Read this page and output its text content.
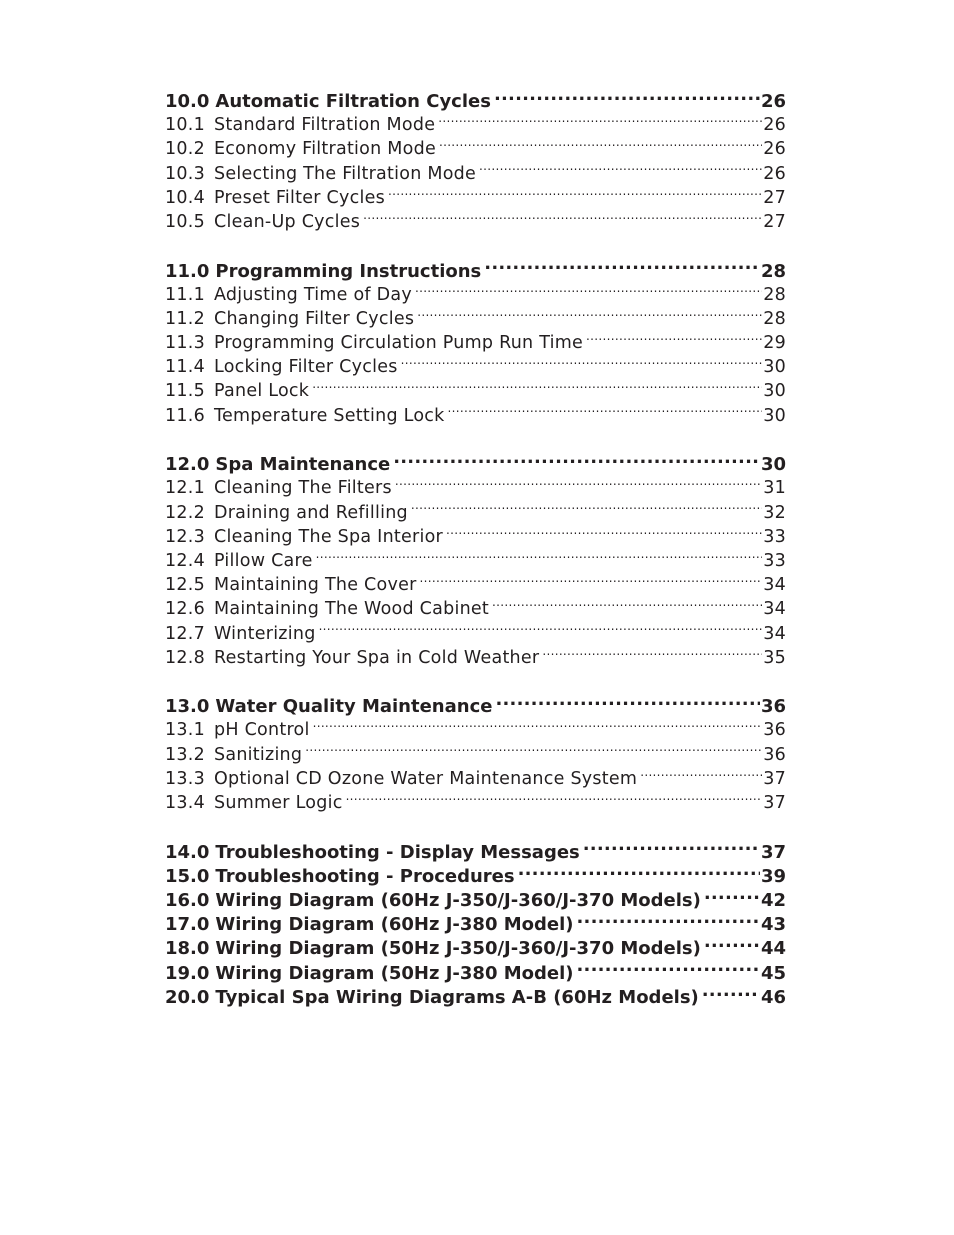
10.0 Automatic Filtration Cycles .....	26
10.1 Standard Filtration Mode .....	26
10.2 Economy Filtration Mode .....	26
10.3 Selecting The Filtration Mode .....	26
10.4 Preset Filter Cycles .....	27
10.5 Clean-Up Cycles .....	27
11.0 Programming Instructions .....	28
11.1 Adjusting Time of Day .....	28
11.2 Changing Filter Cycles .....	28
11.3 Programming Circulation Pump Run Time .....	29
11.4 Locking Filter Cycles .....	30
11.5 Panel Lock .....	30
11.6 Temperature Setting Lock .....	30
12.0 Spa Maintenance .....	30
12.1 Cleaning The Filters .....	31
12.2 Draining and Refilling .....	32
12.3 Cleaning The Spa Interior .....	33
12.4 Pillow Care .....	33
12.5 Maintaining The Cover .....	34
12.6 Maintaining The Wood Cabinet .....	34
12.7 Winterizing .....	34
12.8 Restarting Your Spa in Cold Weather .....	35
13.0 Water Quality Maintenance .....	36
13.1 pH Control .....	36
13.2 Sanitizing .....	36
13.3 Optional CD Ozone Water Maintenance System .....	37
13.4 Summer Logic .....	37
14.0 Troubleshooting - Display Messages .....	37
15.0 Troubleshooting - Procedures .....	39
16.0 Wiring Diagram (60Hz J-350/J-360/J-370 Models) .....	42
17.0 Wiring Diagram (60Hz J-380 Model) .....	43
18.0 Wiring Diagram (50Hz J-350/J-360/J-370 Models) .....	44
19.0 Wiring Diagram (50Hz J-380 Model) .....	45
20.0 Typical Spa Wiring Diagrams A-B (60Hz Models) .....	46
